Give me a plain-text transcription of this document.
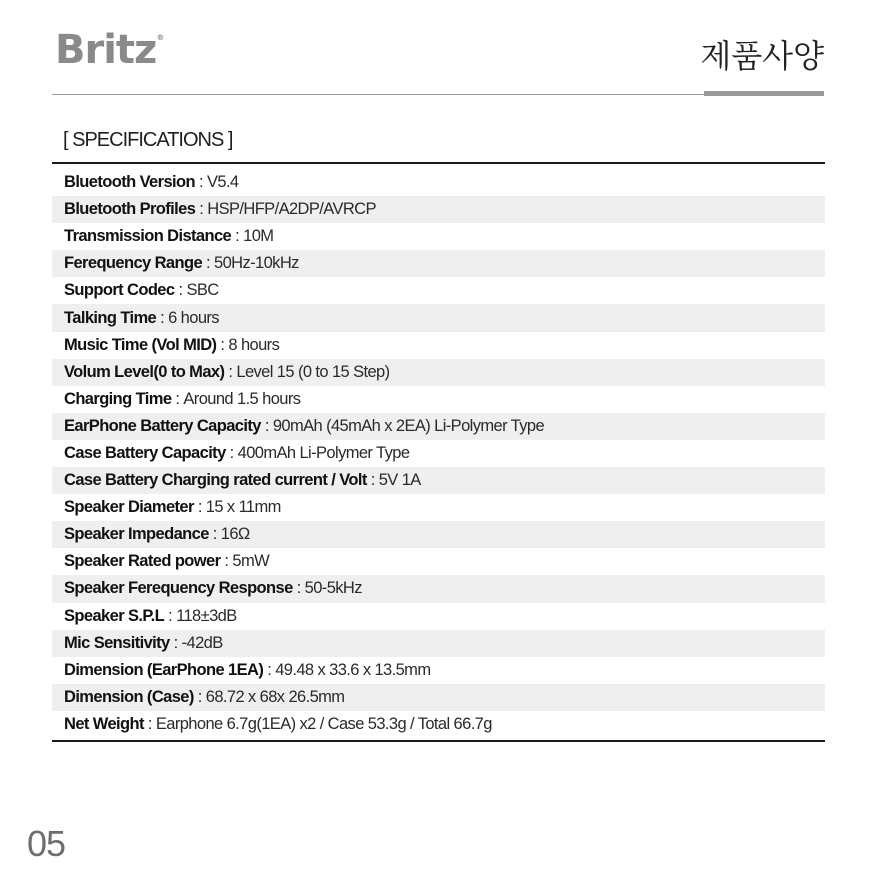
Britz®	제품사양
[ SPECIFICATIONS ]
Bluetooth Version : V5.4
Bluetooth Profiles : HSP/HFP/A2DP/AVRCP
Transmission Distance : 10M
Ferequency Range : 50Hz-10kHz
Support Codec : SBC
Talking Time : 6 hours
Music Time (Vol MID) : 8 hours
Volum Level(0 to Max) : Level 15 (0 to 15 Step)
Charging Time : Around 1.5 hours
EarPhone Battery Capacity : 90mAh (45mAh x 2EA) Li-Polymer Type
Case Battery Capacity : 400mAh Li-Polymer Type
Case Battery Charging rated current / Volt : 5V 1A
Speaker Diameter : 15 x 11mm
Speaker Impedance : 16Ω
Speaker Rated power : 5mW
Speaker Ferequency Response : 50-5kHz
Speaker S.P.L : 118±3dB
Mic Sensitivity : -42dB
Dimension (EarPhone 1EA) : 49.48 x 33.6 x 13.5mm
Dimension (Case) : 68.72 x 68x 26.5mm
Net Weight : Earphone 6.7g(1EA) x2 / Case 53.3g / Total 66.7g
05
